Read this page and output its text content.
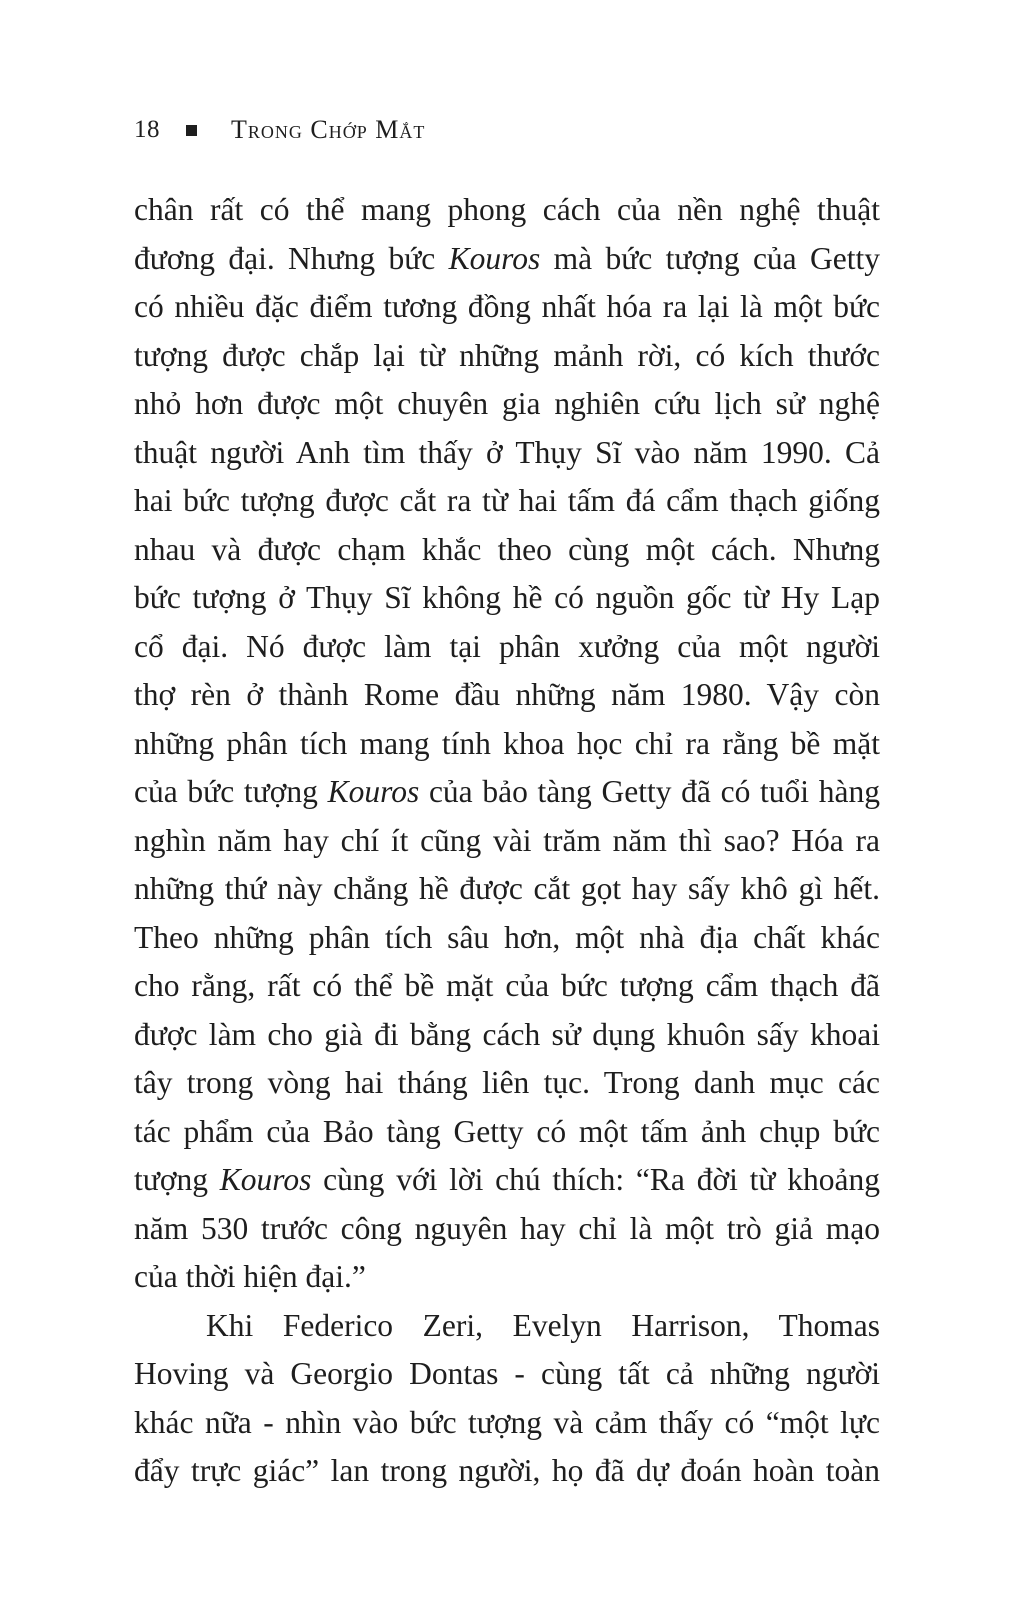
18	Trong Chớp Mắt
chân rất có thể mang phong cách của nền nghệ thuật
đương đại. Nhưng bức Kouros mà bức tượng của Getty
có nhiều đặc điểm tương đồng nhất hóa ra lại là một bức
tượng được chắp lại từ những mảnh rời, có kích thước
nhỏ hơn được một chuyên gia nghiên cứu lịch sử nghệ
thuật người Anh tìm thấy ở Thụy Sĩ vào năm 1990. Cả
hai bức tượng được cắt ra từ hai tấm đá cẩm thạch giống
nhau và được chạm khắc theo cùng một cách. Nhưng
bức tượng ở Thụy Sĩ không hề có nguồn gốc từ Hy Lạp
cổ đại. Nó được làm tại phân xưởng của một người
thợ rèn ở thành Rome đầu những năm 1980. Vậy còn
những phân tích mang tính khoa học chỉ ra rằng bề mặt
của bức tượng Kouros của bảo tàng Getty đã có tuổi hàng
nghìn năm hay chí ít cũng vài trăm năm thì sao? Hóa ra
những thứ này chẳng hề được cắt gọt hay sấy khô gì hết.
Theo những phân tích sâu hơn, một nhà địa chất khác
cho rằng, rất có thể bề mặt của bức tượng cẩm thạch đã
được làm cho già đi bằng cách sử dụng khuôn sấy khoai
tây trong vòng hai tháng liên tục. Trong danh mục các
tác phẩm của Bảo tàng Getty có một tấm ảnh chụp bức
tượng Kouros cùng với lời chú thích: “Ra đời từ khoảng
năm 530 trước công nguyên hay chỉ là một trò giả mạo
của thời hiện đại.”
Khi Federico Zeri, Evelyn Harrison, Thomas
Hoving và Georgio Dontas - cùng tất cả những người
khác nữa - nhìn vào bức tượng và cảm thấy có “một lực
đẩy trực giác” lan trong người, họ đã dự đoán hoàn toàn
